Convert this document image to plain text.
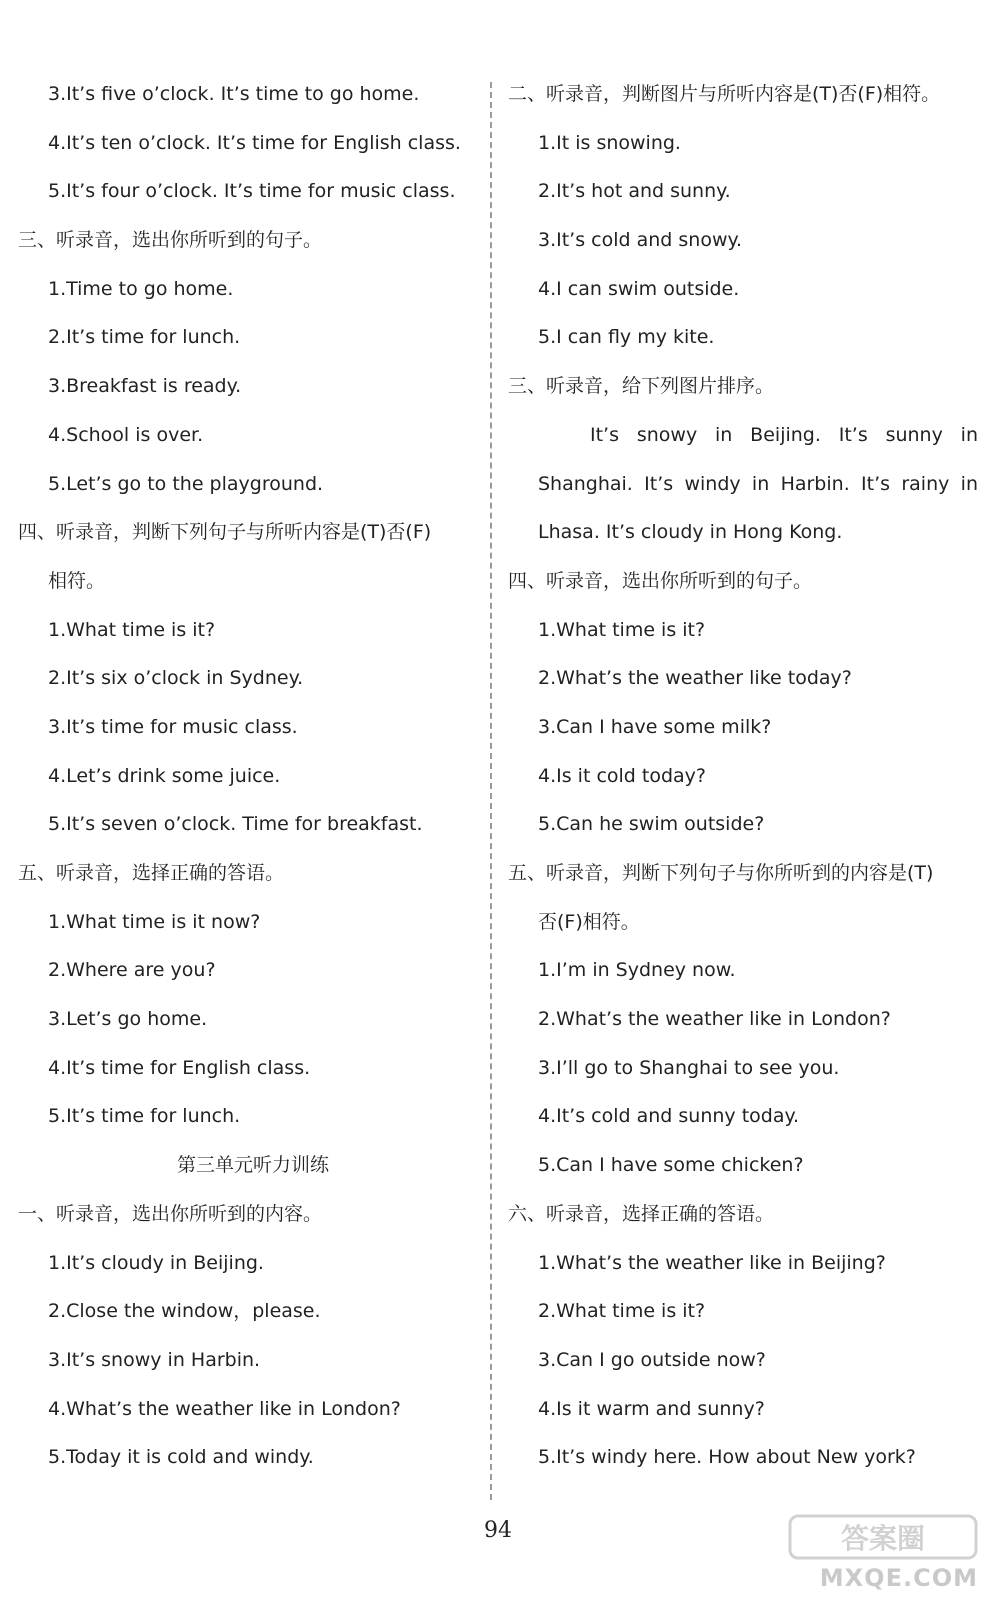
3.It’s five o’clock. It’s time to go home.
4.It’s ten o’clock. It’s time for English class.
5.It’s four o’clock. It’s time for music class.
三、听录音，选出你所听到的句子。
1.Time to go home.
2.It’s time for lunch.
3.Breakfast is ready.
4.School is over.
5.Let’s go to the playground.
四、听录音，判断下列句子与所听内容是(T)否(F)
相符。
1.What time is it?
2.It’s six o’clock in Sydney.
3.It’s time for music class.
4.Let’s drink some juice.
5.It’s seven o’clock. Time for breakfast.
五、听录音，选择正确的答语。
1.What time is it now?
2.Where are you?
3.Let’s go home.
4.It’s time for English class.
5.It’s time for lunch.
第三单元听力训练
一、听录音，选出你所听到的内容。
1.It’s cloudy in Beijing.
2.Close the window，please.
3.It’s snowy in Harbin.
4.What’s the weather like in London?
5.Today it is cold and windy.
二、听录音，判断图片与所听内容是(T)否(F)相符。
1.It is snowing.
2.It’s hot and sunny.
3.It’s cold and snowy.
4.I can swim outside.
5.I can fly my kite.
三、听录音，给下列图片排序。
It’s snowy in Beijing. It’s sunny in
Shanghai. It’s windy in Harbin. It’s rainy in
Lhasa. It’s cloudy in Hong Kong.
四、听录音，选出你所听到的句子。
1.What time is it?
2.What’s the weather like today?
3.Can I have some milk?
4.Is it cold today?
5.Can he swim outside?
五、听录音，判断下列句子与你所听到的内容是(T)
否(F)相符。
1.I’m in Sydney now.
2.What’s the weather like in London?
3.I’ll go to Shanghai to see you.
4.It’s cold and sunny today.
5.Can I have some chicken?
六、听录音，选择正确的答语。
1.What’s the weather like in Beijing?
2.What time is it?
3.Can I go outside now?
4.Is it warm and sunny?
5.It’s windy here. How about New york?
94	答案圈
MXQE.COM
